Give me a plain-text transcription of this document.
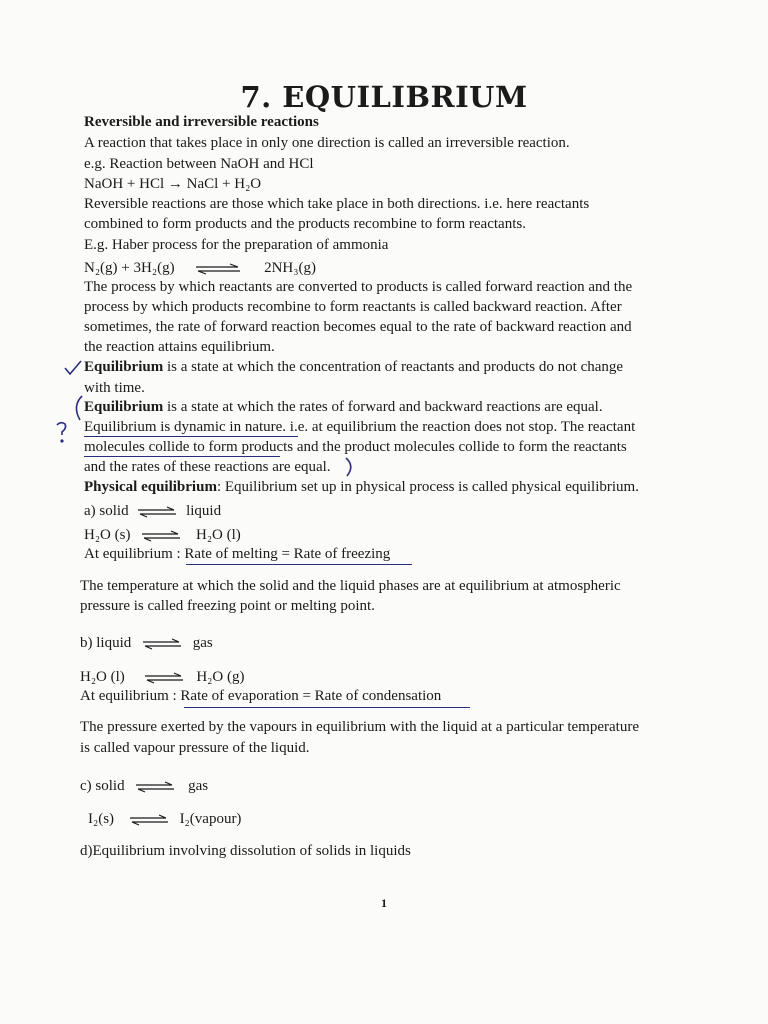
7. EQUILIBRIUM
Reversible and irreversible reactions
A reaction that takes place in only one direction is called an irreversible reaction.
e.g. Reaction between NaOH and HCl
NaOH + HCl → NaCl + H₂O
Reversible reactions are those which take place in both directions. i.e. here reactants
combined to form products and the products recombine to form reactants.
E.g. Haber process for the preparation of ammonia
N₂(g) + 3H₂(g) ⇌ 2NH₃(g)
The process by which reactants are converted to products is called forward reaction and the
process by which products recombine to form reactants is called backward reaction. After
sometimes, the rate of forward reaction becomes equal to the rate of backward reaction and
the reaction attains equilibrium.
Equilibrium is a state at which the concentration of reactants and products do not change
with time.
Equilibrium is a state at which the rates of forward and backward reactions are equal.
Equilibrium is dynamic in nature. i.e. at equilibrium the reaction does not stop. The reactant
molecules collide to form products and the product molecules collide to form the reactants
and the rates of these reactions are equal.
Physical equilibrium: Equilibrium set up in physical process is called physical equilibrium.
a) solid ⇌ liquid
H₂O (s) ⇌ H₂O (l)
At equilibrium : Rate of melting = Rate of freezing
The temperature at which the solid and the liquid phases are at equilibrium at atmospheric
pressure is called freezing point or melting point.
b) liquid ⇌ gas
H₂O (l) ⇌ H₂O (g)
At equilibrium : Rate of evaporation = Rate of condensation
The pressure exerted by the vapours in equilibrium with the liquid at a particular temperature
is called vapour pressure of the liquid.
c) solid ⇌ gas
I₂(s) ⇌ I₂(vapour)
d)Equilibrium involving dissolution of solids in liquids
1
